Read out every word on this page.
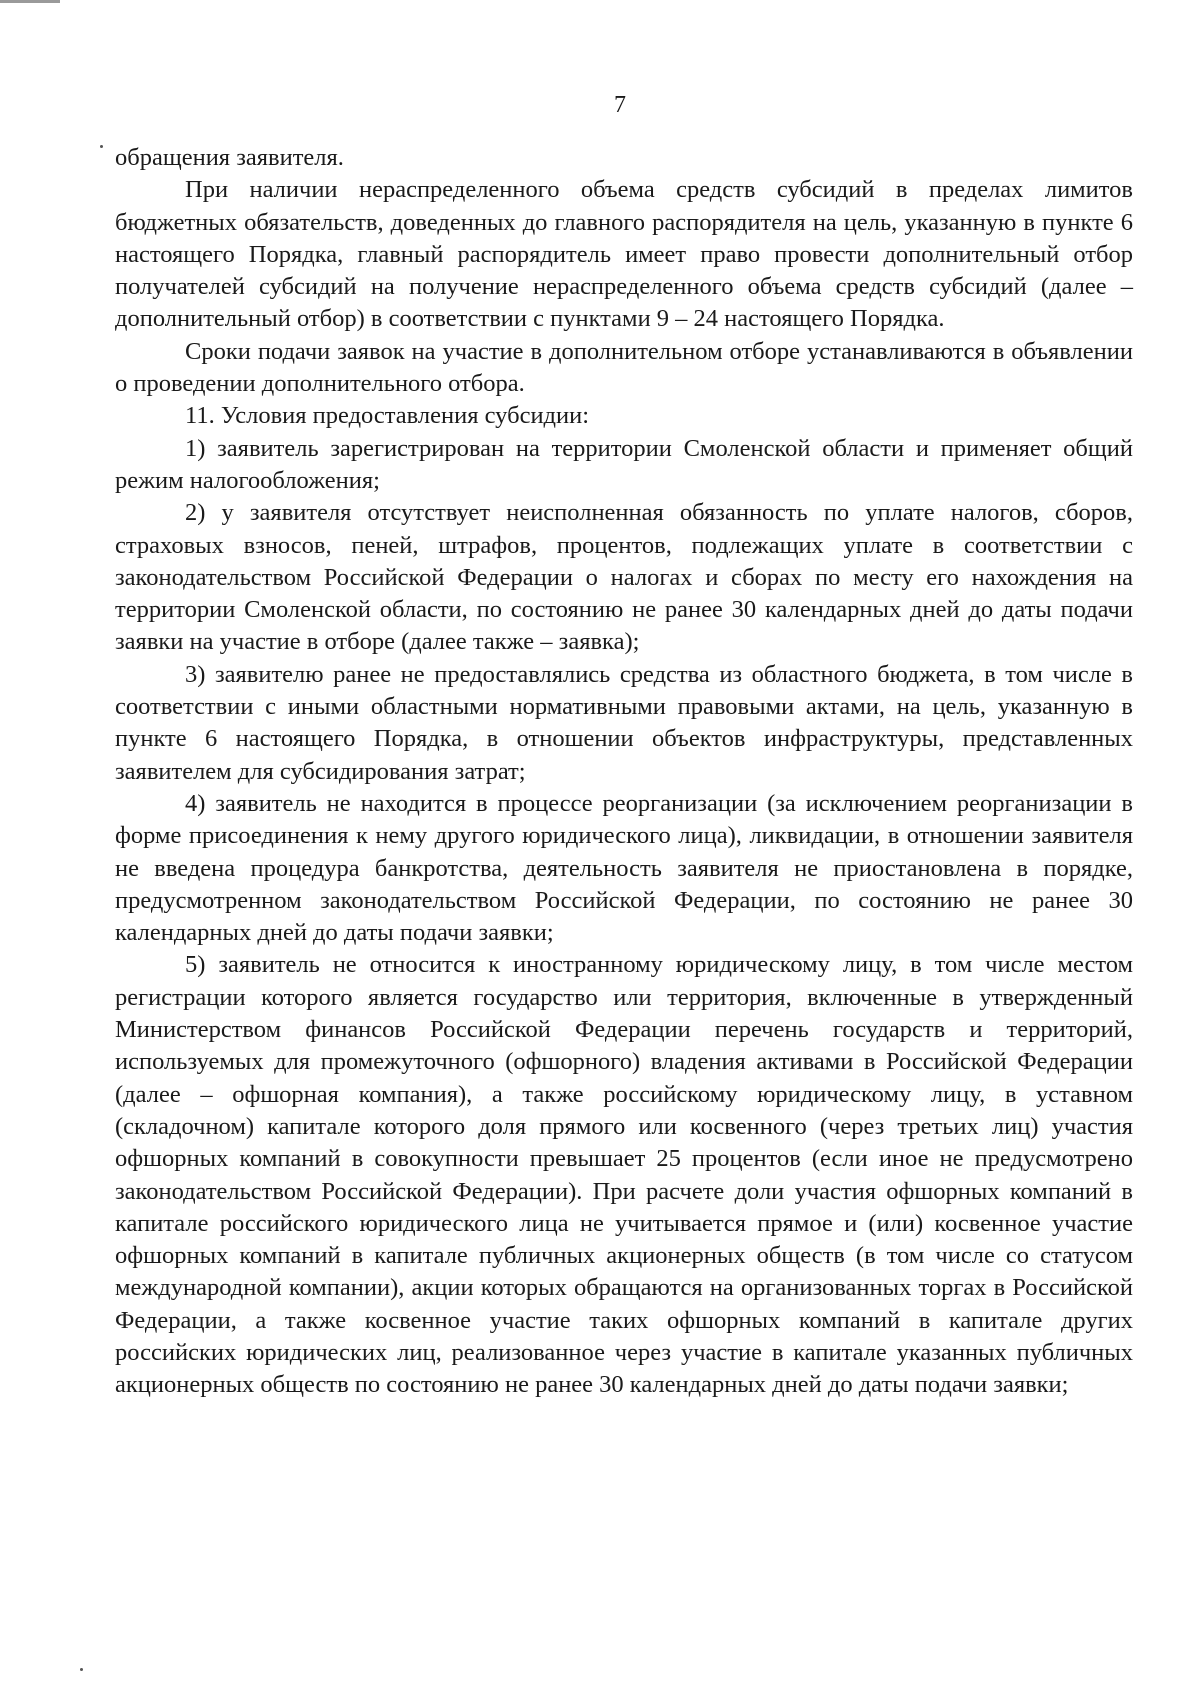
7

обращения заявителя.

При наличии нераспределенного объема средств субсидий в пределах лимитов бюджетных обязательств, доведенных до главного распорядителя на цель, указанную в пункте 6 настоящего Порядка, главный распорядитель имеет право провести дополнительный отбор получателей субсидий на получение нераспределенного объема средств субсидий (далее – дополнительный отбор) в соответствии с пунктами 9 – 24 настоящего Порядка.

Сроки подачи заявок на участие в дополнительном отборе устанавливаются в объявлении о проведении дополнительного отбора.

11. Условия предоставления субсидии:

1) заявитель зарегистрирован на территории Смоленской области и применяет общий режим налогообложения;

2) у заявителя отсутствует неисполненная обязанность по уплате налогов, сборов, страховых взносов, пеней, штрафов, процентов, подлежащих уплате в соответствии с законодательством Российской Федерации о налогах и сборах по месту его нахождения на территории Смоленской области, по состоянию не ранее 30 календарных дней до даты подачи заявки на участие в отборе (далее также – заявка);

3) заявителю ранее не предоставлялись средства из областного бюджета, в том числе в соответствии с иными областными нормативными правовыми актами, на цель, указанную в пункте 6 настоящего Порядка, в отношении объектов инфраструктуры, представленных заявителем для субсидирования затрат;

4) заявитель не находится в процессе реорганизации (за исключением реорганизации в форме присоединения к нему другого юридического лица), ликвидации, в отношении заявителя не введена процедура банкротства, деятельность заявителя не приостановлена в порядке, предусмотренном законодательством Российской Федерации, по состоянию не ранее 30 календарных дней до даты подачи заявки;

5) заявитель не относится к иностранному юридическому лицу, в том числе местом регистрации которого является государство или территория, включенные в утвержденный Министерством финансов Российской Федерации перечень государств и территорий, используемых для промежуточного (офшорного) владения активами в Российской Федерации (далее – офшорная компания), а также российскому юридическому лицу, в уставном (складочном) капитале которого доля прямого или косвенного (через третьих лиц) участия офшорных компаний в совокупности превышает 25 процентов (если иное не предусмотрено законодательством Российской Федерации). При расчете доли участия офшорных компаний в капитале российского юридического лица не учитывается прямое и (или) косвенное участие офшорных компаний в капитале публичных акционерных обществ (в том числе со статусом международной компании), акции которых обращаются на организованных торгах в Российской Федерации, а также косвенное участие таких офшорных компаний в капитале других российских юридических лиц, реализованное через участие в капитале указанных публичных акционерных обществ по состоянию не ранее 30 календарных дней до даты подачи заявки;
